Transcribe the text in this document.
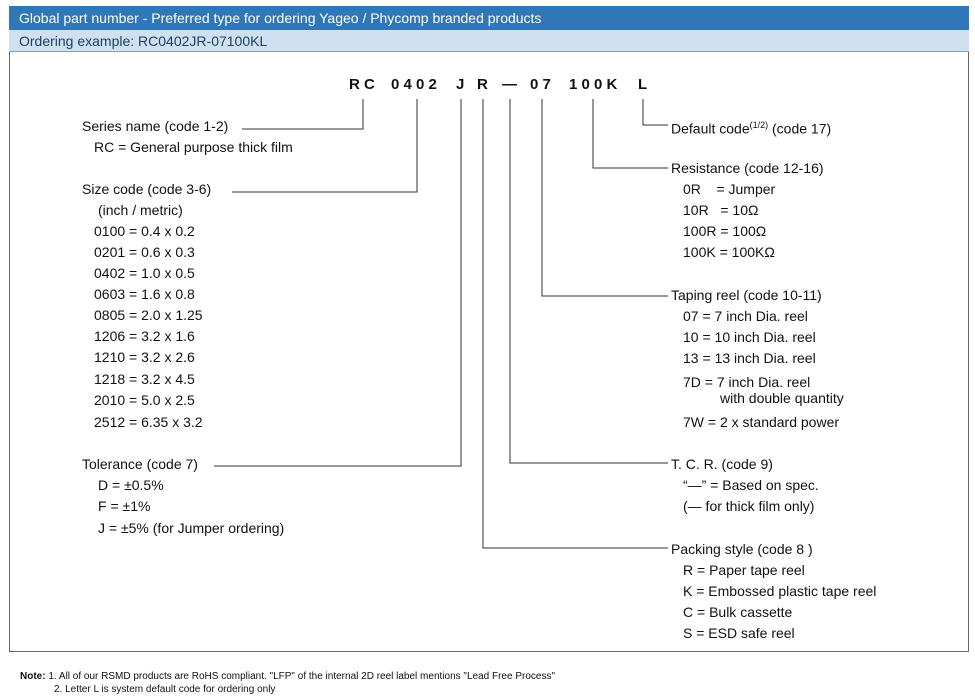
Global part number - Preferred type for ordering Yageo / Phycomp branded products
Ordering example: RC0402JR-07100KL
R C 0 4 0 2 J R — 0 7 1 0 0 K L
Series name (code 1-2)
RC = General purpose thick film
Size code (code 3-6)
(inch / metric)
0100 = 0.4 x 0.2
0201 = 0.6 x 0.3
0402 = 1.0 x 0.5
0603 = 1.6 x 0.8
0805 = 2.0 x 1.25
1206 = 3.2 x 1.6
1210 = 3.2 x 2.6
1218 = 3.2 x 4.5
2010 = 5.0 x 2.5
2512 = 6.35 x 3.2
Tolerance (code 7)
D = ±0.5%
F = ±1%
J = ±5% (for Jumper ordering)
Default code$^{(1/2)}$ (code 17)
Resistance (code 12-16)
0R    = Jumper
10R   = 10Ω
100R = 100Ω
100K = 100KΩ
Taping reel (code 10-11)
07 = 7 inch Dia. reel
10 = 10 inch Dia. reel
13 = 13 inch Dia. reel
7D = 7 inch Dia. reel
with double quantity
7W = 2 x standard power
T. C. R. (code 9)
“—” = Based on spec.
(— for thick film only)
Packing style (code 8 )
R = Paper tape reel
K = Embossed plastic tape reel
C = Bulk cassette
S = ESD safe reel
Note: 1. All of our RSMD products are RoHS compliant. "LFP" of the internal 2D reel label mentions "Lead Free Process"
2. Letter L is system default code for ordering only
